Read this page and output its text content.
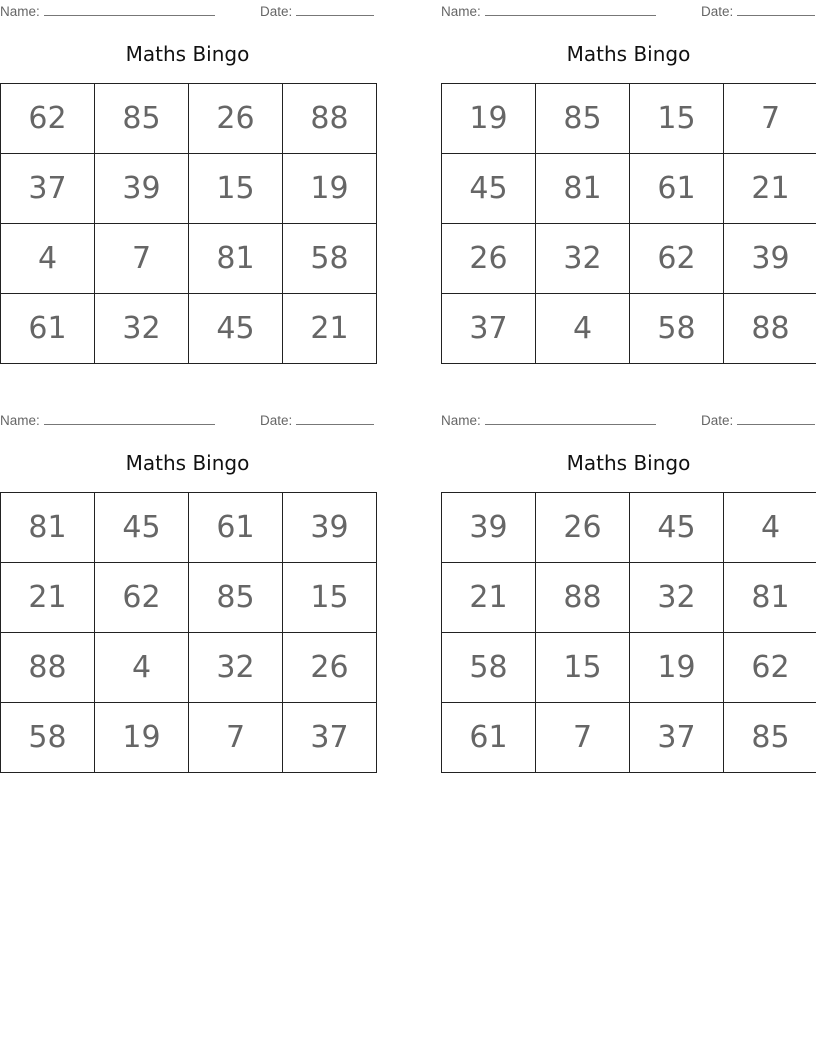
Name:	Date:
Maths Bingo
62	85	26	88
37	39	15	19
4	7	81	58
61	32	45	21
Name:	Date:
Maths Bingo
19	85	15	7
45	81	61	21
26	32	62	39
37	4	58	88
Name:	Date:
Maths Bingo
81	45	61	39
21	62	85	15
88	4	32	26
58	19	7	37
Name:	Date:
Maths Bingo
39	26	45	4
21	88	32	81
58	15	19	62
61	7	37	85
